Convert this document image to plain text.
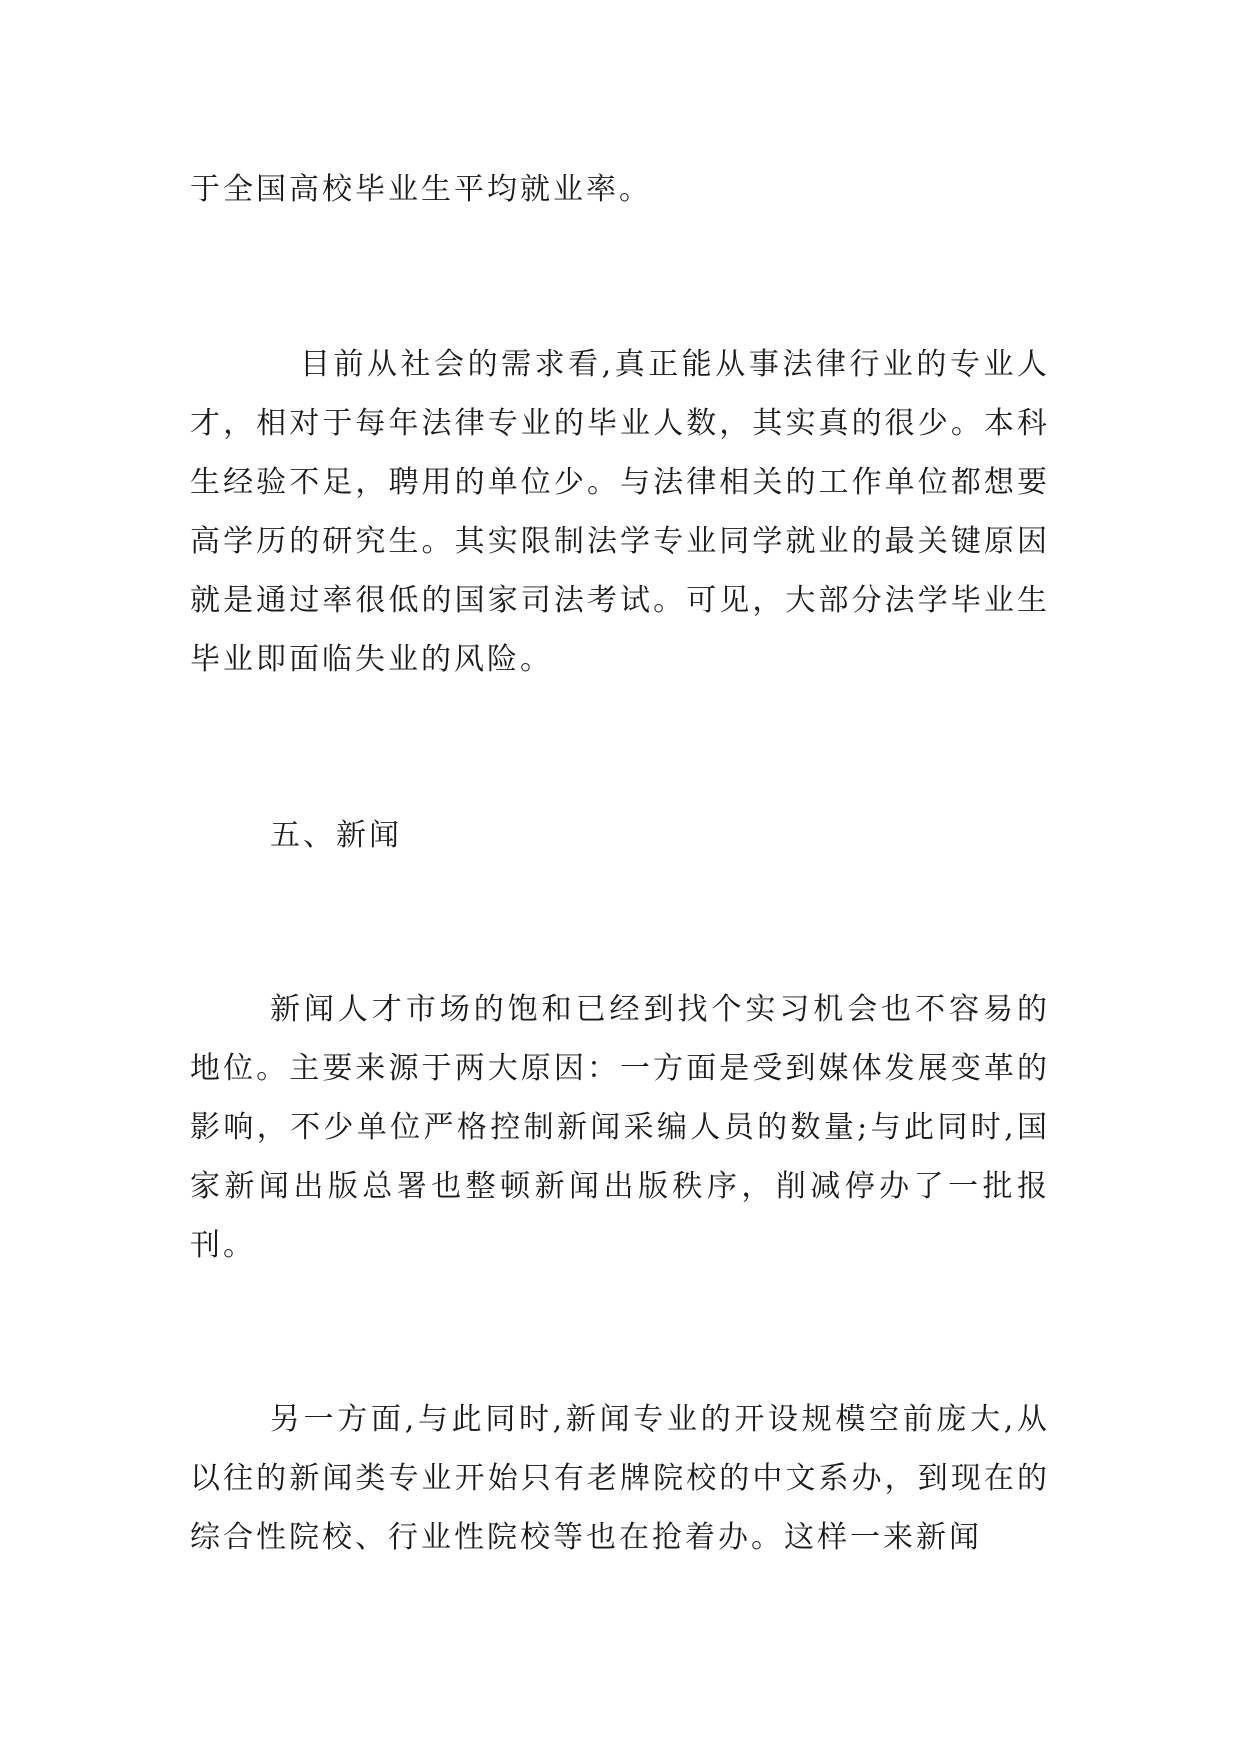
于全国高校毕业生平均就业率。
目前从社会的需求看,真正能从事法律行业的专业人才，相对于每年法律专业的毕业人数，其实真的很少。本科生经验不足，聘用的单位少。与法律相关的工作单位都想要高学历的研究生。其实限制法学专业同学就业的最关键原因就是通过率很低的国家司法考试。可见，大部分法学毕业生毕业即面临失业的风险。
五、新闻
新闻人才市场的饱和已经到找个实习机会也不容易的地位。主要来源于两大原因：一方面是受到媒体发展变革的影响，不少单位严格控制新闻采编人员的数量;与此同时,国家新闻出版总署也整顿新闻出版秩序，削减停办了一批报刊。
另一方面,与此同时,新闻专业的开设规模空前庞大,从以往的新闻类专业开始只有老牌院校的中文系办，到现在的综合性院校、行业性院校等也在抢着办。这样一来新闻
